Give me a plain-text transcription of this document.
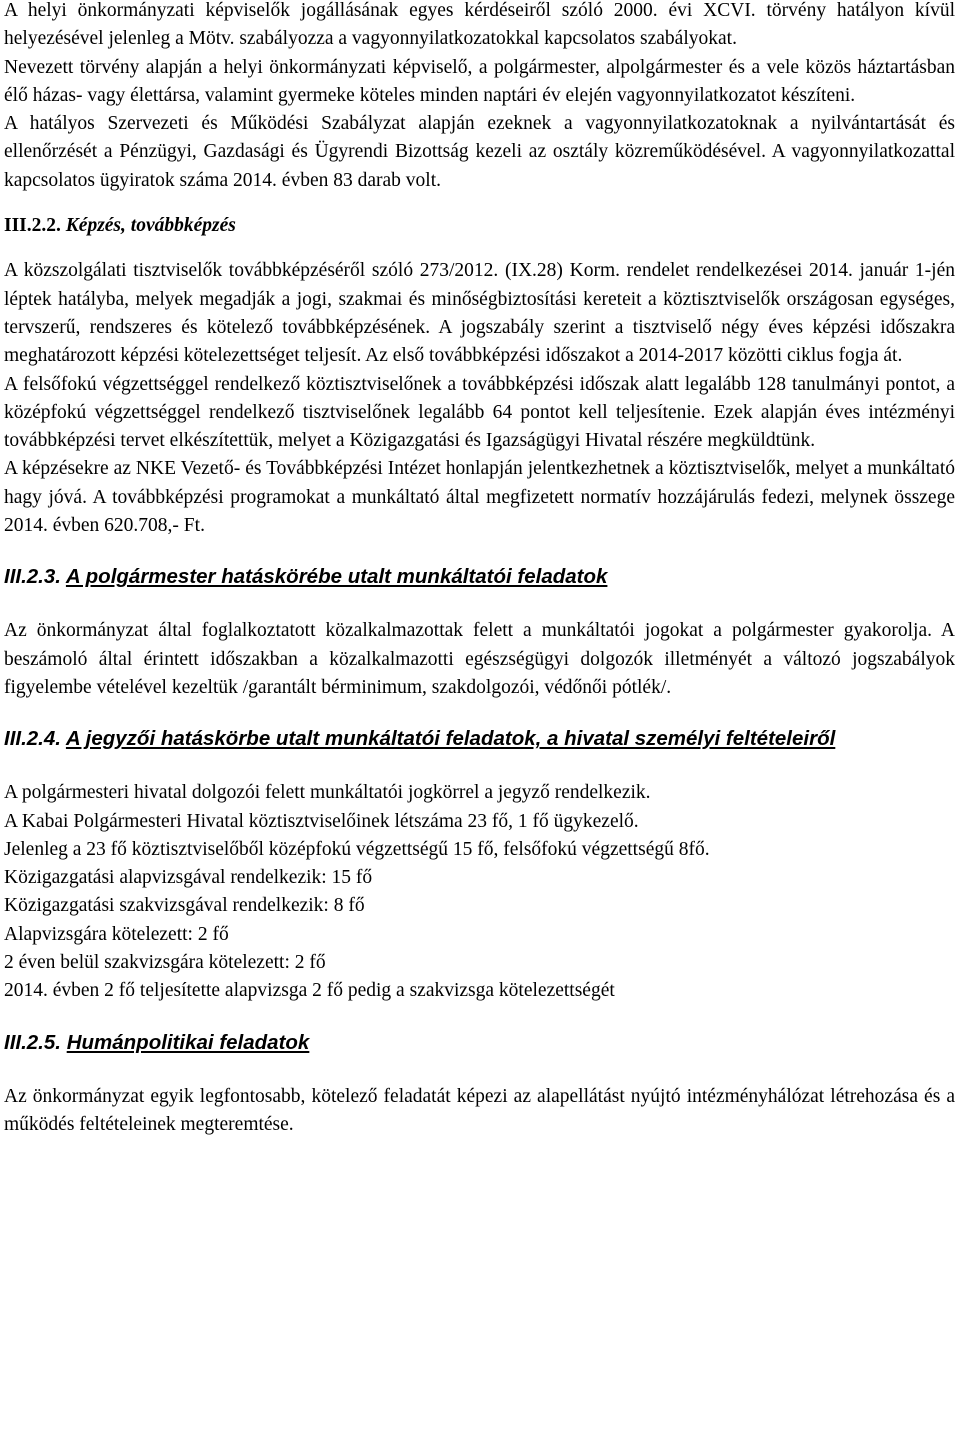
A helyi önkormányzati képviselők jogállásának egyes kérdéseiről szóló 2000. évi XCVI. törvény hatályon kívül helyezésével jelenleg a Mötv. szabályozza a vagyonnyilatkozatokkal kapcsolatos szabályokat.

Nevezett törvény alapján a helyi önkormányzati képviselő, a polgármester, alpolgármester és a vele közös háztartásban élő házas- vagy élettársa, valamint gyermeke köteles minden naptári év elején vagyonnyilatkozatot készíteni.

A hatályos Szervezeti és Működési Szabályzat alapján ezeknek a vagyonnyilatkozatoknak a nyilvántartását és ellenőrzését a Pénzügyi, Gazdasági és Ügyrendi Bizottság kezeli az osztály közreműködésével. A vagyonnyilatkozattal kapcsolatos ügyiratok száma 2014. évben 83 darab volt.

III.2.2. Képzés, továbbképzés

A közszolgálati tisztviselők továbbképzéséről szóló 273/2012. (IX.28) Korm. rendelet rendelkezései 2014. január 1-jén léptek hatályba, melyek megadják a jogi, szakmai és minőségbiztosítási kereteit a köztisztviselők országosan egységes, tervszerű, rendszeres és kötelező továbbképzésének. A jogszabály szerint a tisztviselő négy éves képzési időszakra meghatározott képzési kötelezettséget teljesít. Az első továbbképzési időszakot a 2014-2017 közötti ciklus fogja át.

A felsőfokú végzettséggel rendelkező köztisztviselőnek a továbbképzési időszak alatt legalább 128 tanulmányi pontot, a középfokú végzettséggel rendelkező tisztviselőnek legalább 64 pontot kell teljesítenie. Ezek alapján éves intézményi továbbképzési tervet elkészítettük, melyet a Közigazgatási és Igazságügyi Hivatal részére megküldtünk.

A képzésekre az NKE Vezető- és Továbbképzési Intézet honlapján jelentkezhetnek a köztisztviselők, melyet a munkáltató hagy jóvá. A továbbképzési programokat a munkáltató által megfizetett normatív hozzájárulás fedezi, melynek összege 2014. évben 620.708,- Ft.

III.2.3. A polgármester hatáskörébe utalt munkáltatói feladatok

Az önkormányzat által foglalkoztatott közalkalmazottak felett a munkáltatói jogokat a polgármester gyakorolja. A beszámoló által érintett időszakban a közalkalmazotti egészségügyi dolgozók illetményét a változó jogszabályok figyelembe vételével kezeltük /garantált bérminimum, szakdolgozói, védőnői pótlék/.

III.2.4. A jegyzői hatáskörbe utalt munkáltatói feladatok, a hivatal személyi feltételeiről

A polgármesteri hivatal dolgozói felett munkáltatói jogkörrel a jegyző rendelkezik.

A Kabai Polgármesteri Hivatal köztisztviselőinek létszáma 23 fő, 1 fő ügykezelő.

Jelenleg a 23 fő köztisztviselőből középfokú végzettségű 15 fő, felsőfokú végzettségű 8fő.

Közigazgatási alapvizsgával rendelkezik: 15 fő

Közigazgatási szakvizsgával rendelkezik: 8 fő

Alapvizsgára kötelezett: 2 fő

2 éven belül szakvizsgára kötelezett: 2 fő

2014. évben 2 fő teljesítette alapvizsga 2 fő pedig a szakvizsga kötelezettségét

III.2.5. Humánpolitikai feladatok

Az önkormányzat egyik legfontosabb, kötelező feladatát képezi az alapellátást nyújtó intézményhálózat létrehozása és a működés feltételeinek megteremtése.
